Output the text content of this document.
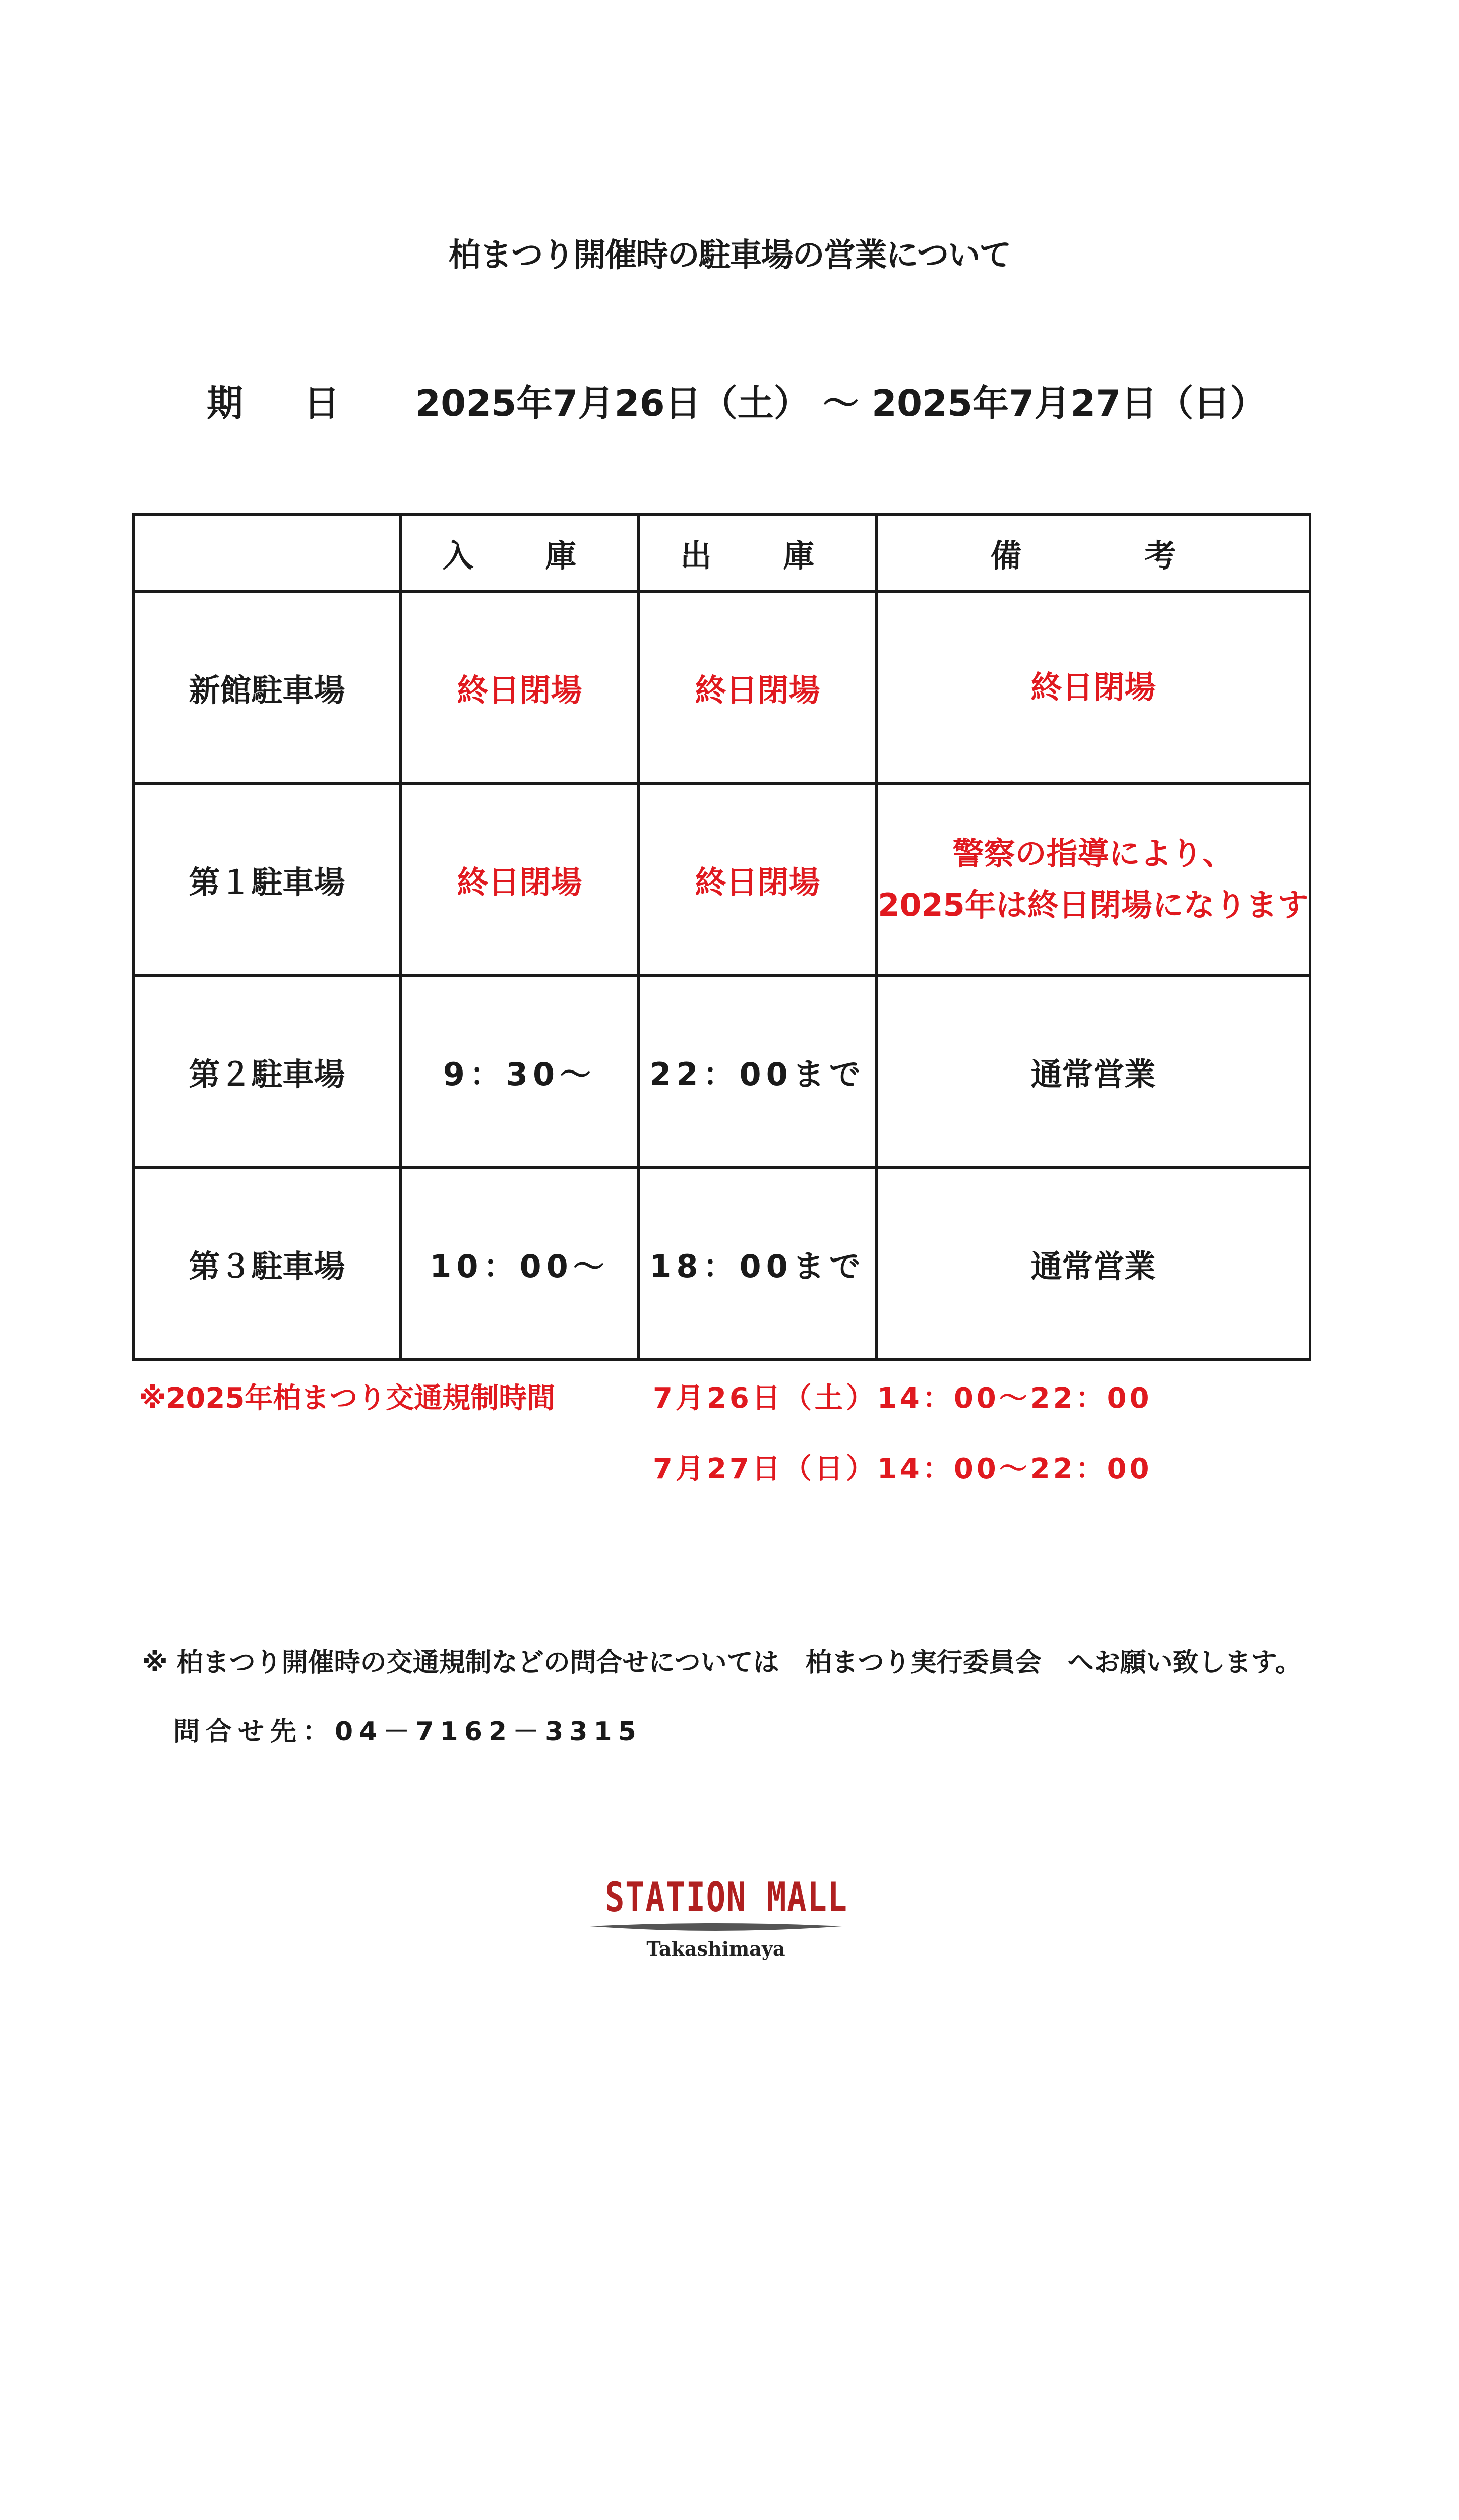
柏まつり開催時の駐車場の営業について
期 日 2025年7月26日（土） ～ 2025年7月27日（日）
	入　庫	出　庫	備　　考
新館駐車場	終日閉場	終日閉場	終日閉場

第１駐車場	終日閉場	終日閉場	警察の指導により、
2025年は終日閉場になります

第２駐車場	9：30～	22：00まで	通常営業

第３駐車場	10：00～	18：00まで	通常営業
※2025年柏まつり交通規制時間	7月26日（土）14：00～22：00
7月27日（日）14：00～22：00
※ 柏まつり開催時の交通規制などの問合せについては　柏まつり実行委員会　へお願い致します。
問合せ先：04－7162－3315
STATION MALL
Takashimaya
